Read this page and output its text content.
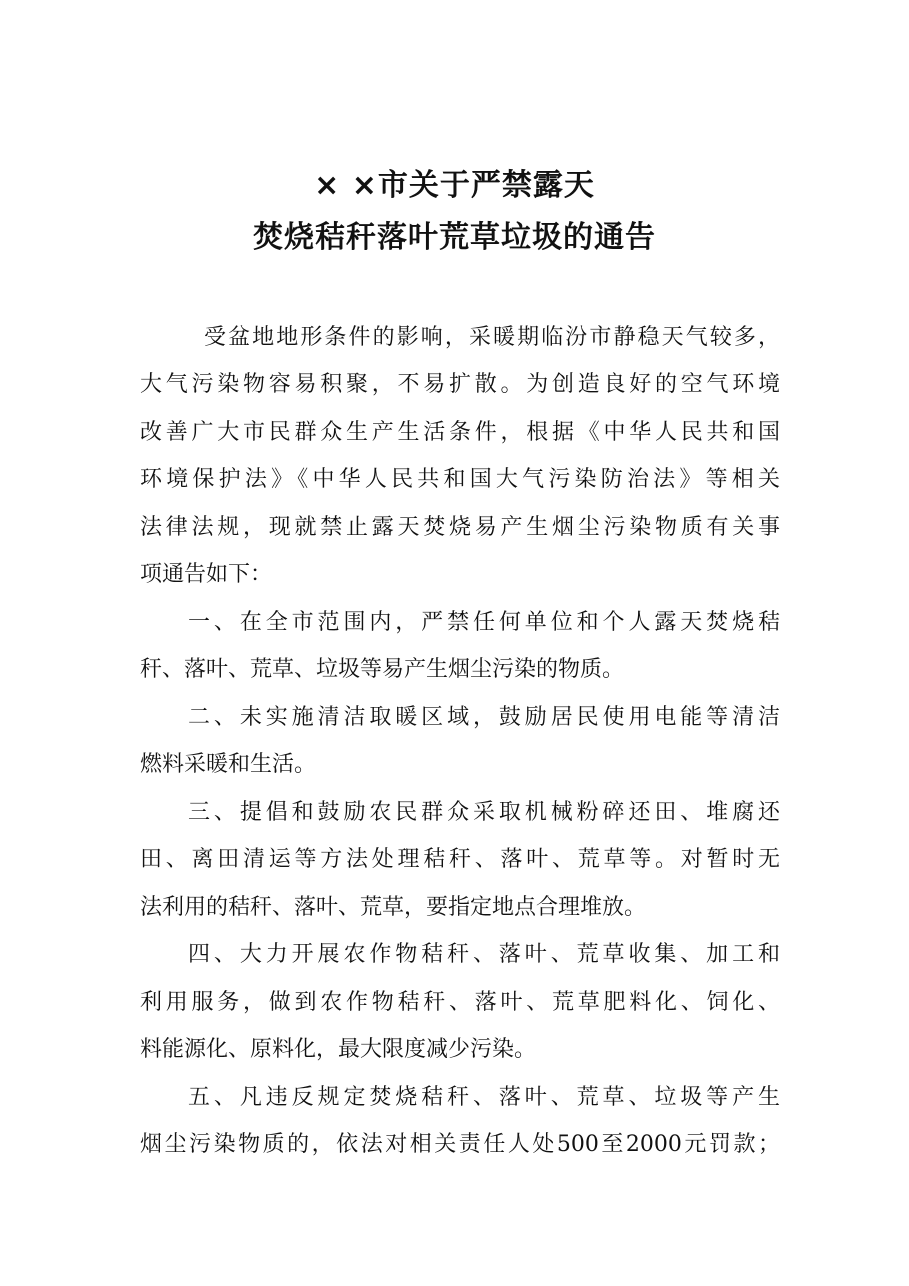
× ×市关于严禁露天
焚烧秸秆落叶荒草垃圾的通告

受盆地地形条件的影响，采暖期临汾市静稳天气较多，

大气污染物容易积聚，不易扩散。为创造良好的空气环境

改善广大市民群众生产生活条件，根据《中华人民共和国

环境保护法》《中华人民共和国大气污染防治法》等相关

法律法规，现就禁止露天焚烧易产生烟尘污染物质有关事

项通告如下：

一、在全市范围内，严禁任何单位和个人露天焚烧秸

秆、落叶、荒草、垃圾等易产生烟尘污染的物质。

二、未实施清洁取暖区域，鼓励居民使用电能等清洁

燃料采暖和生活。

三、提倡和鼓励农民群众采取机械粉碎还田、堆腐还

田、离田清运等方法处理秸秆、落叶、荒草等。对暂时无

法利用的秸秆、落叶、荒草，要指定地点合理堆放。

四、大力开展农作物秸秆、落叶、荒草收集、加工和

利用服务，做到农作物秸秆、落叶、荒草肥料化、饲化、

料能源化、原料化，最大限度减少污染。

五、凡违反规定焚烧秸秆、落叶、荒草、垃圾等产生

烟尘污染物质的，依法对相关责任人处500至2000元罚款；
